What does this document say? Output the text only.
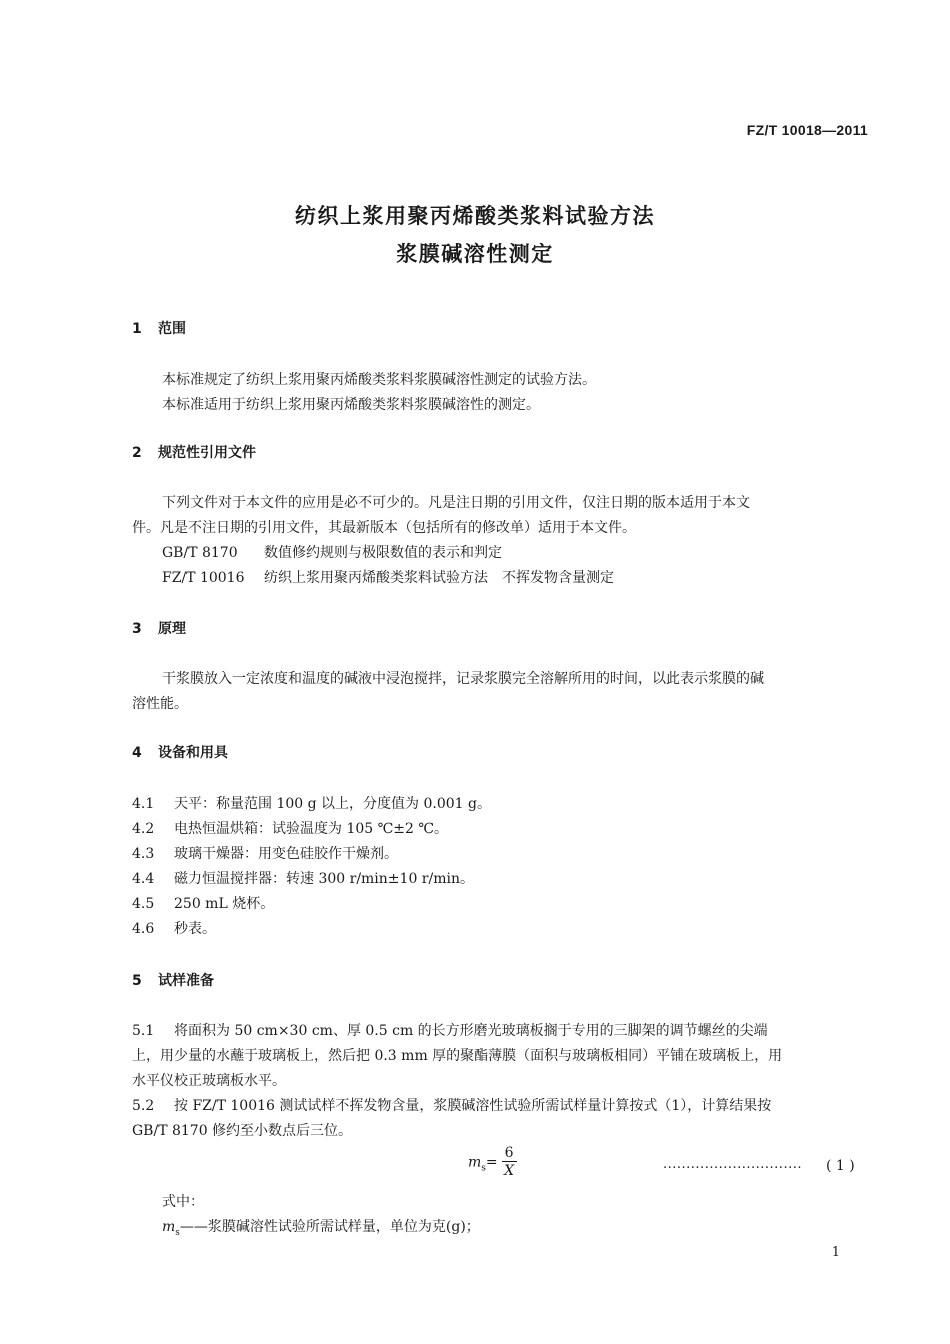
FZ/T 10018—2011
纺织上浆用聚丙烯酸类浆料试验方法
浆膜碱溶性测定
1 范围
本标准规定了纺织上浆用聚丙烯酸类浆料浆膜碱溶性测定的试验方法。
本标准适用于纺织上浆用聚丙烯酸类浆料浆膜碱溶性的测定。
2 规范性引用文件
下列文件对于本文件的应用是必不可少的。凡是注日期的引用文件，仅注日期的版本适用于本文
件。凡是不注日期的引用文件，其最新版本（包括所有的修改单）适用于本文件。
GB/T 8170 数值修约规则与极限数值的表示和判定
FZ/T 10016 纺织上浆用聚丙烯酸类浆料试验方法　不挥发物含量测定
3 原理
干浆膜放入一定浓度和温度的碱液中浸泡搅拌，记录浆膜完全溶解所用的时间，以此表示浆膜的碱
溶性能。
4 设备和用具
4.1 天平：称量范围 100 g 以上，分度值为 0.001 g。
4.2 电热恒温烘箱：试验温度为 105 ℃±2 ℃。
4.3 玻璃干燥器：用变色硅胶作干燥剂。
4.4 磁力恒温搅拌器：转速 300 r/min±10 r/min。
4.5 250 mL 烧杯。
4.6 秒表。
5 试样准备
5.1 将面积为 50 cm×30 cm、厚 0.5 cm 的长方形磨光玻璃板搁于专用的三脚架的调节螺丝的尖端
上，用少量的水蘸于玻璃板上，然后把 0.3 mm 厚的聚酯薄膜（面积与玻璃板相同）平铺在玻璃板上，用
水平仪校正玻璃板水平。
5.2 按 FZ/T 10016 测试试样不挥发物含量，浆膜碱溶性试验所需试样量计算按式（1），计算结果按
GB/T 8170 修约至小数点后三位。
$m_s= \frac{6}{X}$	.............................. ( 1 )
式中：
$m_s——$浆膜碱溶性试验所需试样量，单位为克(g)；
1
